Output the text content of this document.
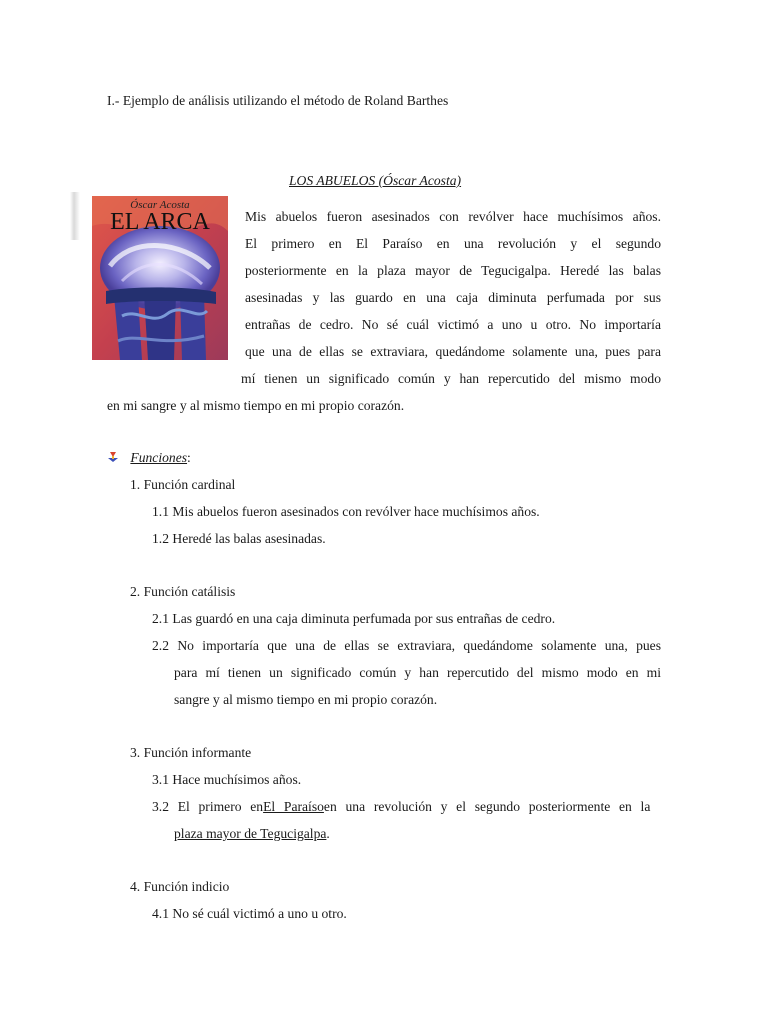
I.- Ejemplo de análisis utilizando el método de Roland Barthes
LOS ABUELOS (Óscar Acosta)
Óscar Acosta
EL ARCA	Mis abuelos fueron asesinados con revólver hace muchísimos años.
El primero en El Paraíso en una revolución y el segundo
posteriormente en la plaza mayor de Tegucigalpa. Heredé las balas
asesinadas y las guardo en una caja diminuta perfumada por sus
entrañas de cedro. No sé cuál victimó a uno u otro. No importaría
que una de ellas se extraviara, quedándome solamente una, pues para
mí tienen un significado común y han repercutido del mismo modo
en mi sangre y al mismo tiempo en mi propio corazón.
Funciones:
1. Función cardinal
1.1 Mis abuelos fueron asesinados con revólver hace muchísimos años.
1.2 Heredé las balas asesinadas.
2. Función catálisis
2.1 Las guardó en una caja diminuta perfumada por sus entrañas de cedro.
2.2 No importaría que una de ellas se extraviara, quedándome solamente una, pues
para mí tienen un significado común y han repercutido del mismo modo en mi
sangre y al mismo tiempo en mi propio corazón.
3. Función informante
3.1 Hace muchísimos años.
3.2 El primero enEl Paraísoen una revolución y el segundo posteriormente en la
plaza mayor de Tegucigalpa.
4. Función indicio
4.1 No sé cuál victimó a uno u otro.
